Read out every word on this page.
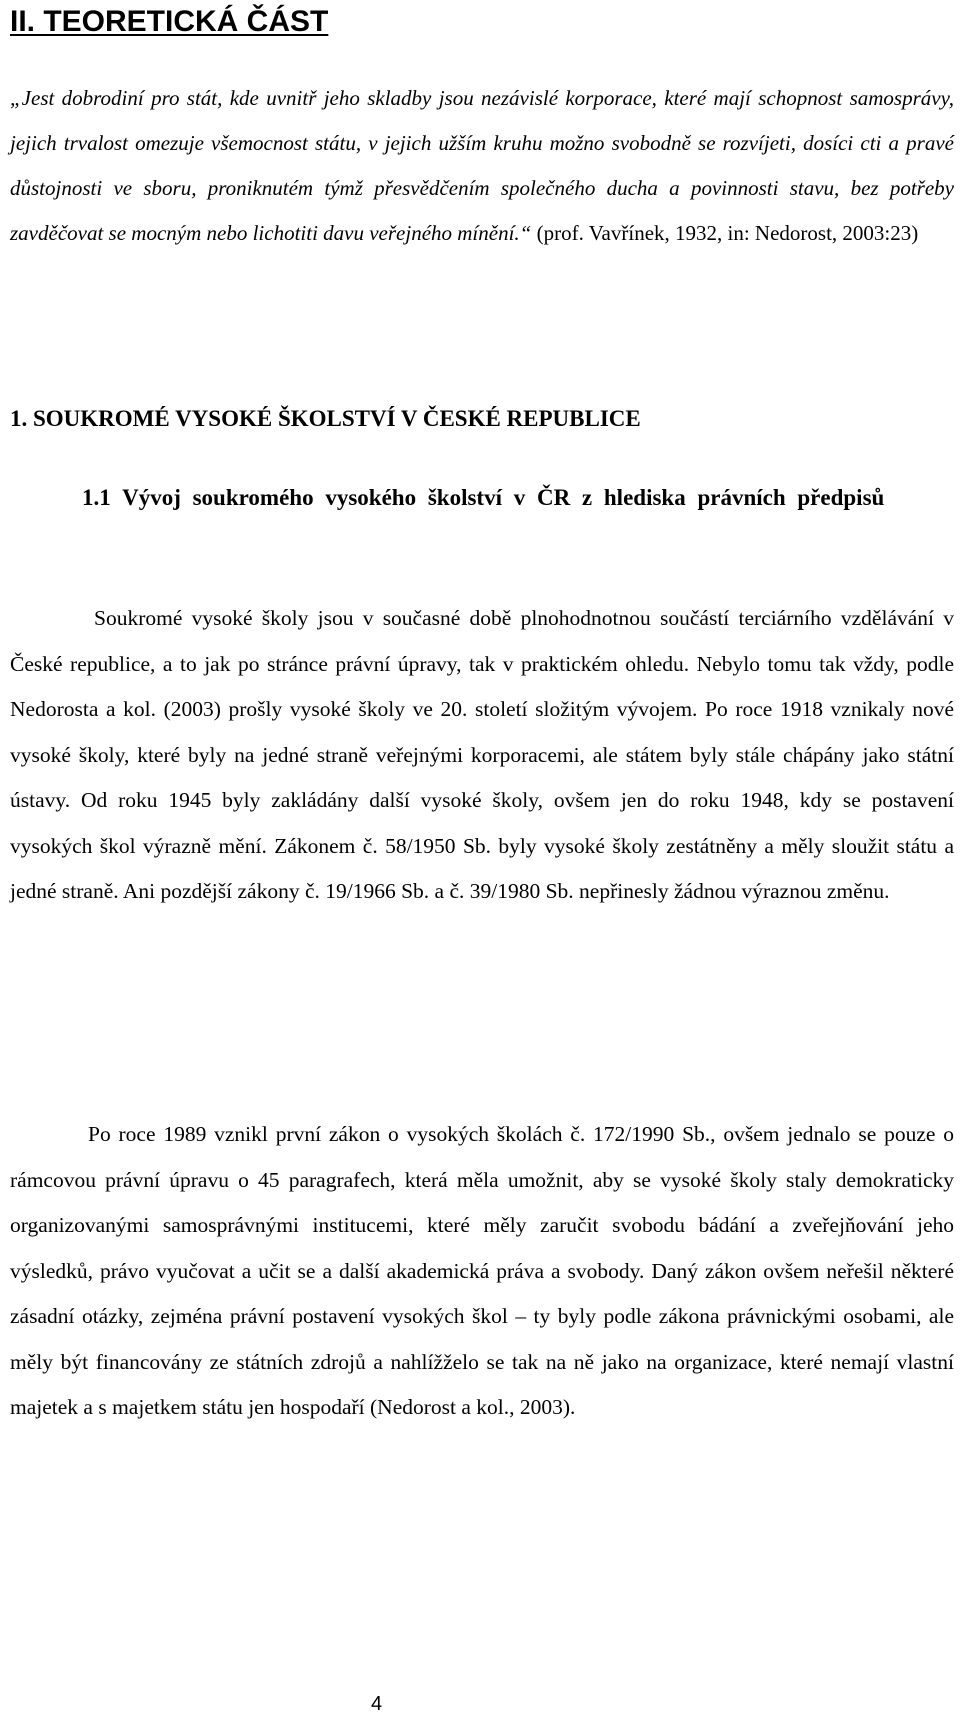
II. TEORETICKÁ ČÁST
„Jest dobrodiní pro stát, kde uvnitř jeho skladby jsou nezávislé korporace, které mají schopnost samosprávy, jejich trvalost omezuje všemocnost státu, v jejich užším kruhu možno svobodně se rozvíjeti, dosíci cti a pravé důstojnosti ve sboru, proniknutém týmž přesvědčením společného ducha a povinnosti stavu, bez potřeby zavděčovat se mocným nebo lichotiti davu veřejného mínění.“ (prof. Vavřínek, 1932, in: Nedorost, 2003:23)
1. SOUKROMÉ VYSOKÉ ŠKOLSTVÍ V ČESKÉ REPUBLICE
1.1 Vývoj soukromého vysokého školství v ČR z hlediska právních předpisů

Soukromé vysoké školy jsou v současné době plnohodnotnou součástí terciárního vzdělávání v České republice, a to jak po stránce právní úpravy, tak v praktickém ohledu. Nebylo tomu tak vždy, podle Nedorosta a kol. (2003) prošly vysoké školy ve 20. století složitým vývojem. Po roce 1918 vznikaly nové vysoké školy, které byly na jedné straně veřejnými korporacemi, ale státem byly stále chápány jako státní ústavy. Od roku 1945 byly zakládány další vysoké školy, ovšem jen do roku 1948, kdy se postavení vysokých škol výrazně mění. Zákonem č. 58/1950 Sb. byly vysoké školy zestátněny a měly sloužit státu a jedné straně. Ani pozdější zákony č. 19/1966 Sb. a č. 39/1980 Sb. nepřinesly žádnou výraznou změnu.

Po roce 1989 vznikl první zákon o vysokých školách č. 172/1990 Sb., ovšem jednalo se pouze o rámcovou právní úpravu o 45 paragrafech, která měla umožnit, aby se vysoké školy staly demokraticky organizovanými samosprávnými institucemi, které měly zaručit svobodu bádání a zveřejňování jeho výsledků, právo vyučovat a učit se a další akademická práva a svobody. Daný zákon ovšem neřešil některé zásadní otázky, zejména právní postavení vysokých škol – ty byly podle zákona právnickými osobami, ale měly být financovány ze státních zdrojů a nahlížželo se tak na ně jako na organizace, které nemají vlastní majetek a s majetkem státu jen hospodaří (Nedorost a kol., 2003).

4
